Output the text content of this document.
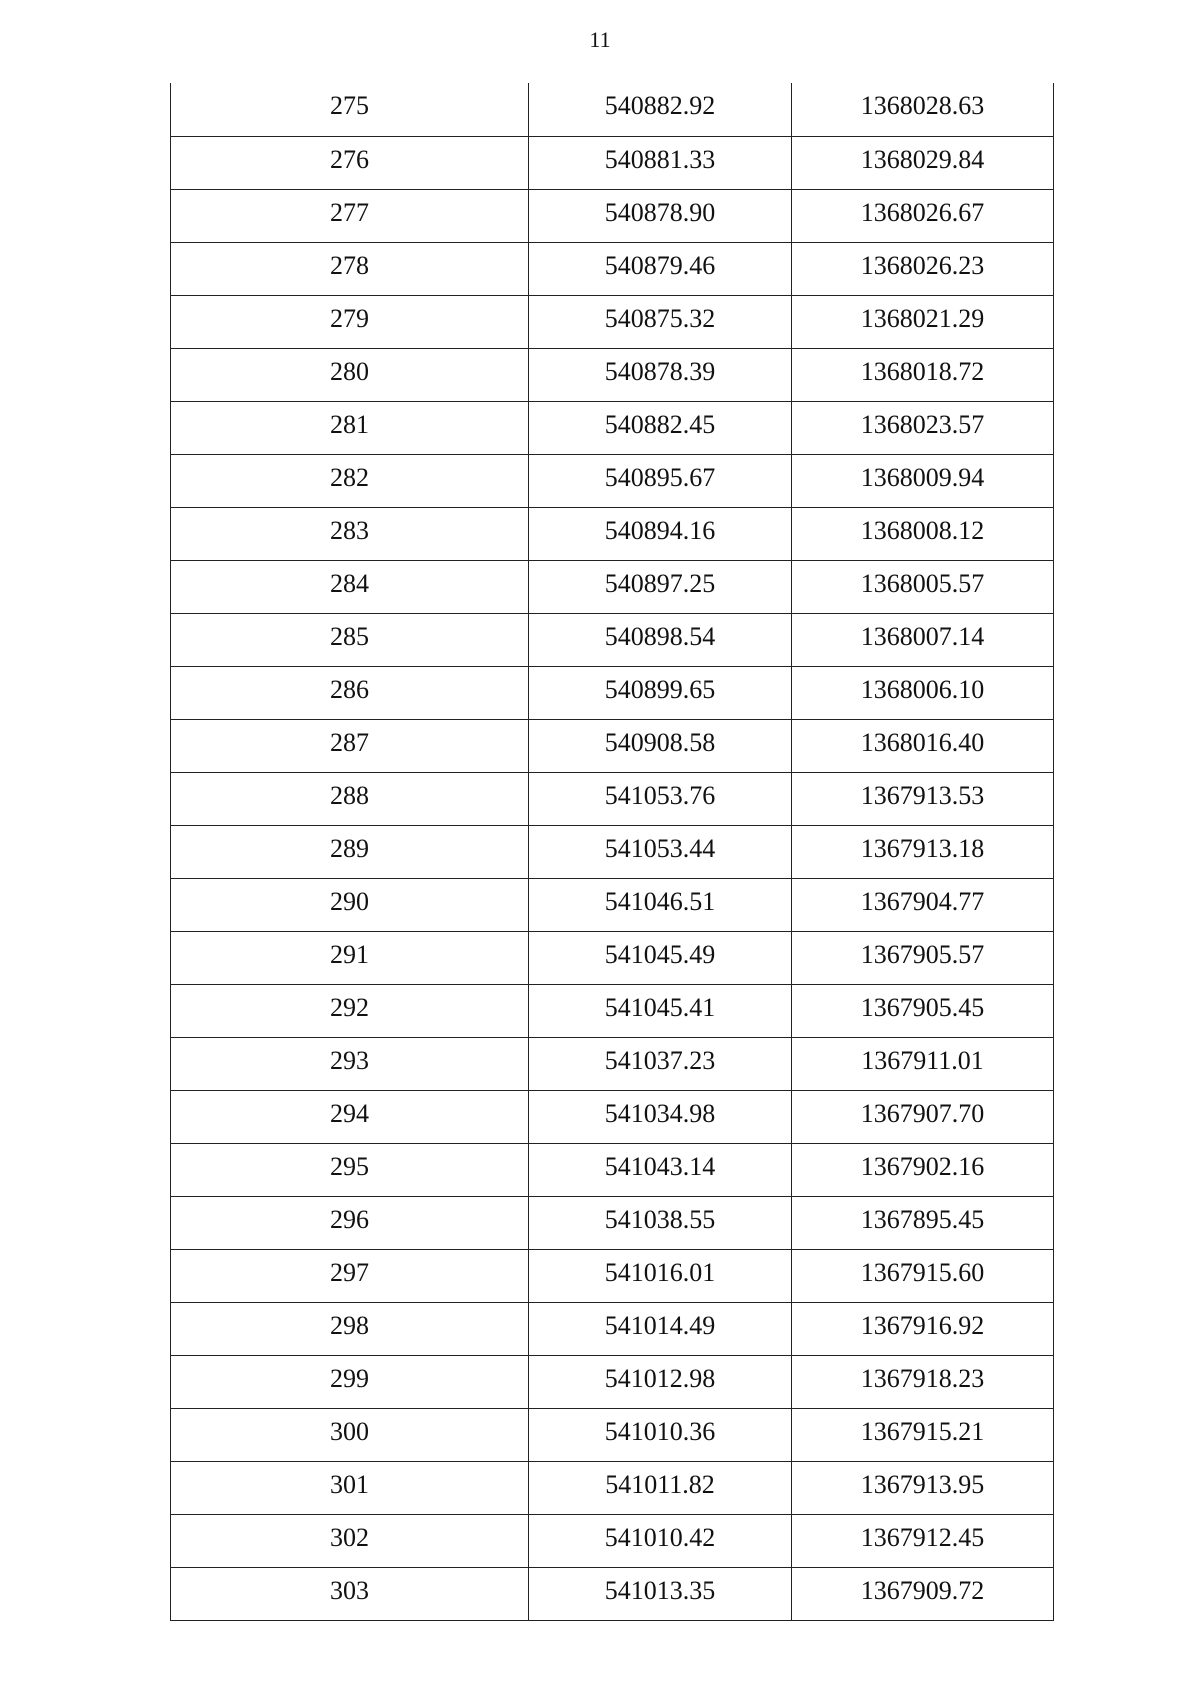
11
275	540882.92	1368028.63
276	540881.33	1368029.84
277	540878.90	1368026.67
278	540879.46	1368026.23
279	540875.32	1368021.29
280	540878.39	1368018.72
281	540882.45	1368023.57
282	540895.67	1368009.94
283	540894.16	1368008.12
284	540897.25	1368005.57
285	540898.54	1368007.14
286	540899.65	1368006.10
287	540908.58	1368016.40
288	541053.76	1367913.53
289	541053.44	1367913.18
290	541046.51	1367904.77
291	541045.49	1367905.57
292	541045.41	1367905.45
293	541037.23	1367911.01
294	541034.98	1367907.70
295	541043.14	1367902.16
296	541038.55	1367895.45
297	541016.01	1367915.60
298	541014.49	1367916.92
299	541012.98	1367918.23
300	541010.36	1367915.21
301	541011.82	1367913.95
302	541010.42	1367912.45
303	541013.35	1367909.72
